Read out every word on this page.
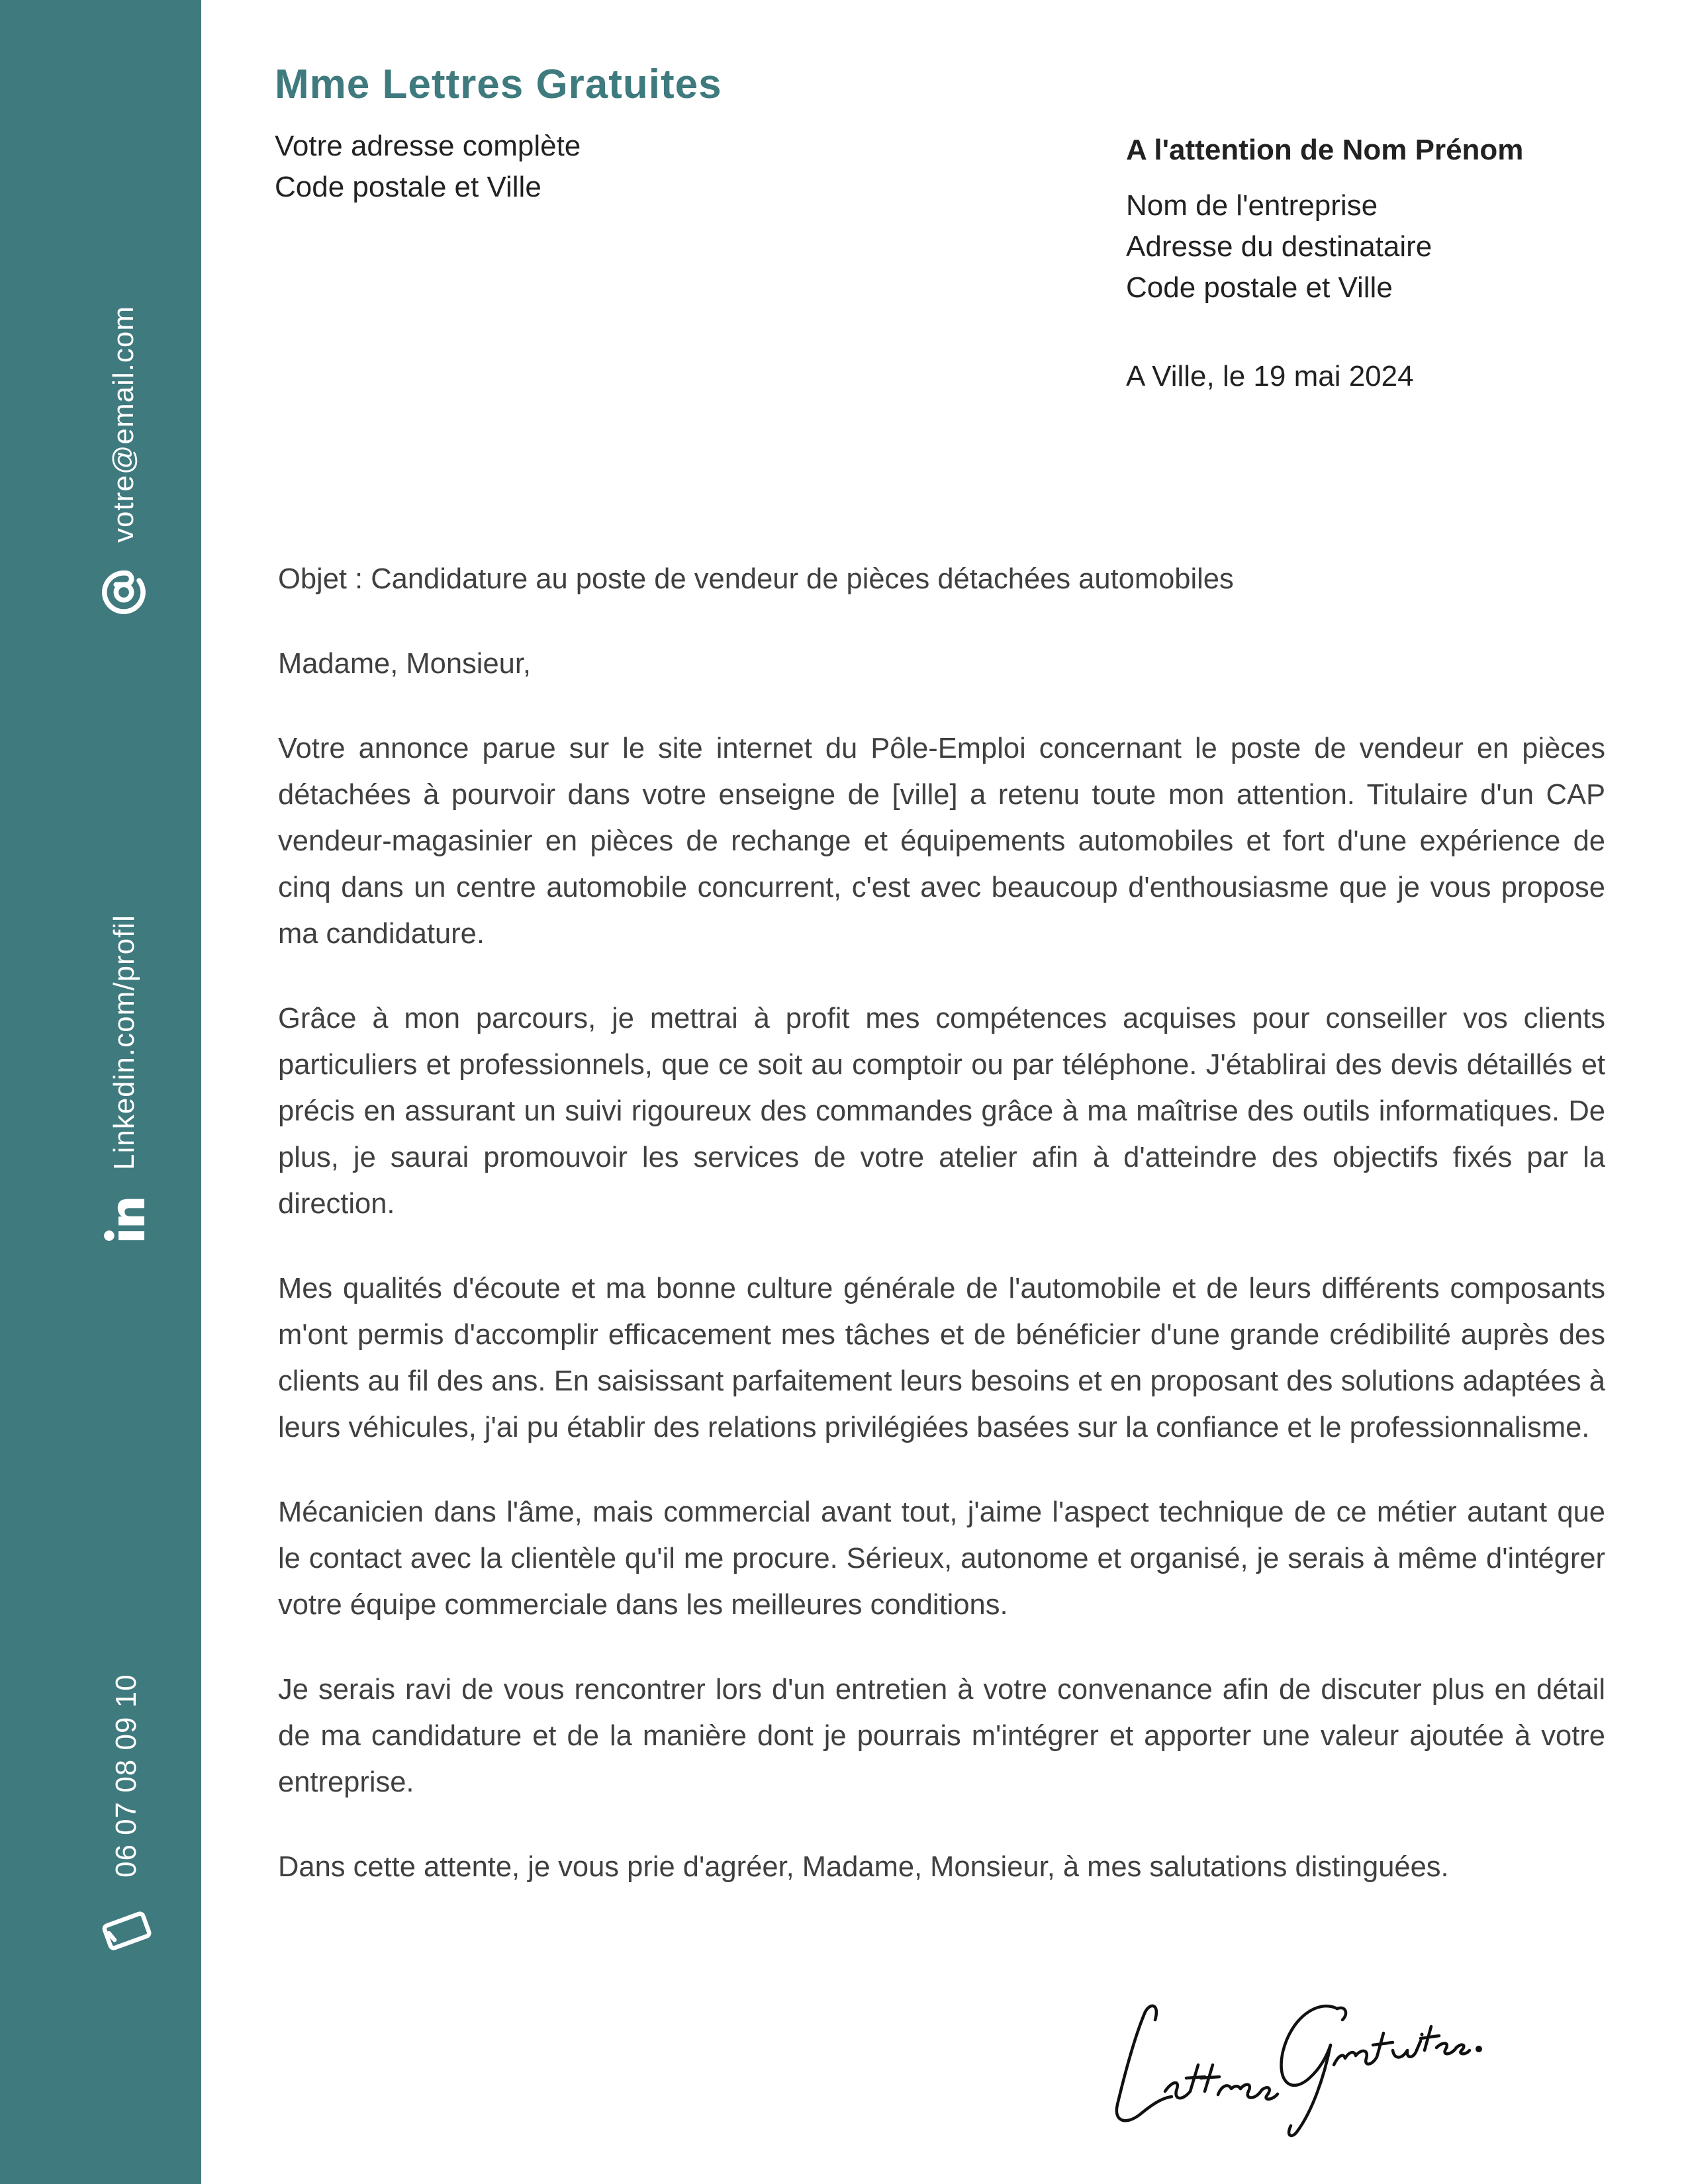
votre@email.com
Linkedin.com/profil
06 07 08 09 10
Mme Lettres Gratuites
Votre adresse complète
Code postale et Ville
A l'attention de Nom Prénom
Nom de l'entreprise
Adresse du destinataire
Code postale et Ville
A Ville, le 19 mai 2024

Objet : Candidature au poste de vendeur de pièces détachées automobiles

Madame, Monsieur,

Votre annonce parue sur le site internet du Pôle-Emploi concernant le poste de vendeur en pièces détachées à pourvoir dans votre enseigne de [ville] a retenu toute mon attention. Titulaire d'un CAP vendeur-magasinier en pièces de rechange et équipements automobiles et fort d'une expérience de cinq dans un centre automobile concurrent, c'est avec beaucoup d'enthousiasme que je vous propose ma candidature.

Grâce à mon parcours, je mettrai à profit mes compétences acquises pour conseiller vos clients particuliers et professionnels, que ce soit au comptoir ou par téléphone. J'établirai des devis détaillés et précis en assurant un suivi rigoureux des commandes grâce à ma maîtrise des outils informatiques. De plus, je saurai promouvoir les services de votre atelier afin à d'atteindre des objectifs fixés par la direction.

Mes qualités d'écoute et ma bonne culture générale de l'automobile et de leurs différents composants m'ont permis d'accomplir efficacement mes tâches et de bénéficier d'une grande crédibilité auprès des clients au fil des ans. En saisissant parfaitement leurs besoins et en proposant des solutions adaptées à leurs véhicules, j'ai pu établir des relations privilégiées basées sur la confiance et le professionnalisme.

Mécanicien dans l'âme, mais commercial avant tout, j'aime l'aspect technique de ce métier autant que le contact avec la clientèle qu'il me procure. Sérieux, autonome et organisé, je serais à même d'intégrer votre équipe commerciale dans les meilleures conditions.

Je serais ravi de vous rencontrer lors d'un entretien à votre convenance afin de discuter plus en détail de ma candidature et de la manière dont je pourrais m'intégrer et apporter une valeur ajoutée à votre entreprise.

Dans cette attente, je vous prie d'agréer, Madame, Monsieur, à mes salutations distinguées.
